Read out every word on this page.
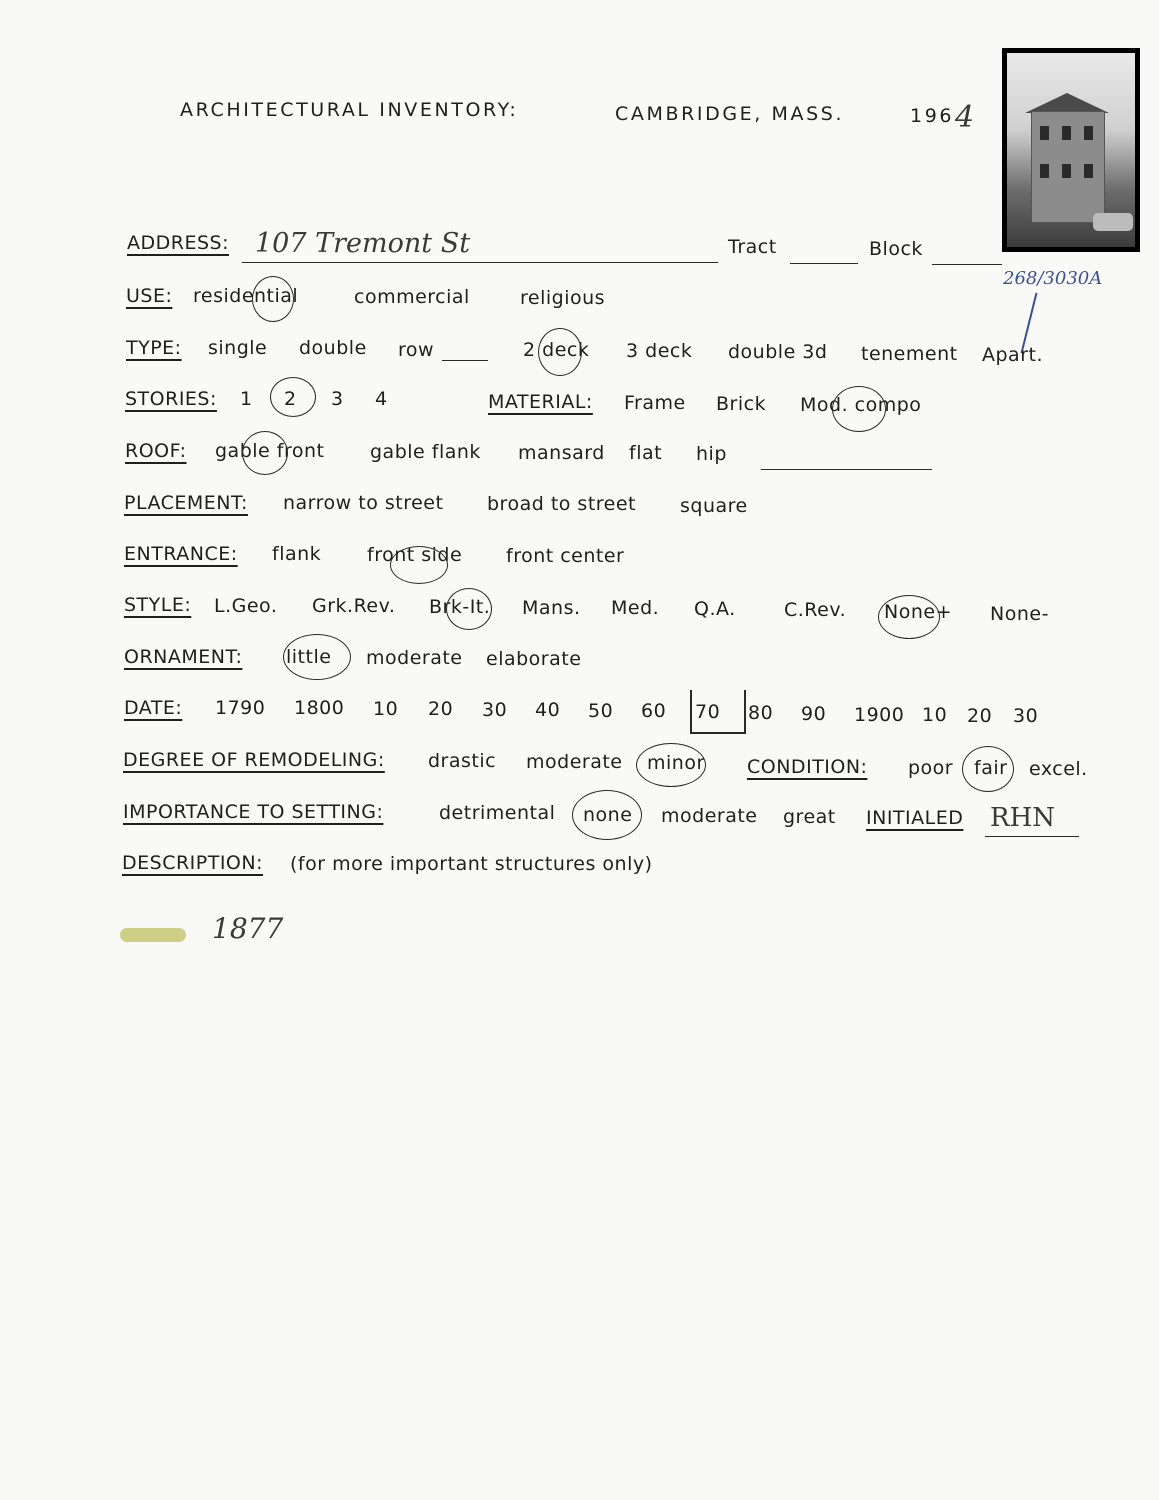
ARCHITECTURAL INVENTORY:	CAMBRIDGE, MASS.	196 4
ADDRESS: 107 Tremont St	Tract	Block
268/3030A
USE: residential	commercial	religious
TYPE: single double row	2 deck 3 deck double 3d tenement Apart.
STORIES: 1 2 3 4	MATERIAL: Frame Brick Mod. compo
ROOF: gable front gable flank mansard flat hip
PLACEMENT: narrow to street broad to street square
ENTRANCE: flank front side front center
STYLE: L.Geo. Grk.Rev. Brk-It. Mans. Med. Q.A.	C.Rev. None+ None-
ORNAMENT: little moderate elaborate
DATE: 1790 1800 10 20 30 40 50 60 70 80 90 1900 10 20 30
DEGREE OF REMODELING: drastic moderate minor CONDITION: poor fair excel.
IMPORTANCE TO SETTING:	detrimental none moderate great INITIALED RHN
DESCRIPTION: (for more important structures only)
1877
